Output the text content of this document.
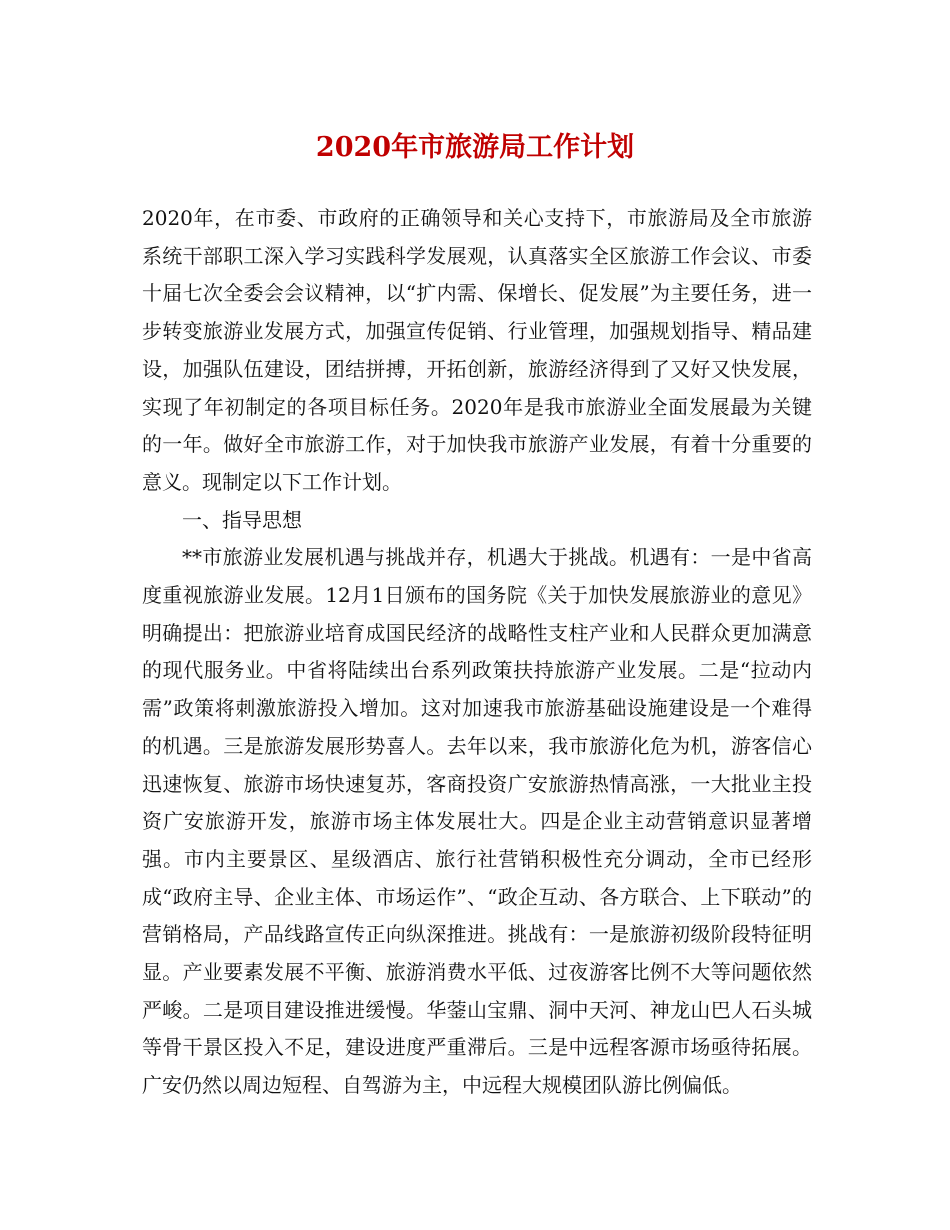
2020年市旅游局工作计划

2020年，在市委、市政府的正确领导和关心支持下，市旅游局及全市旅游系统干部职工深入学习实践科学发展观，认真落实全区旅游工作会议、市委十届七次全委会会议精神，以“扩内需、保增长、促发展”为主要任务，进一步转变旅游业发展方式，加强宣传促销、行业管理，加强规划指导、精品建设，加强队伍建设，团结拼搏，开拓创新，旅游经济得到了又好又快发展，实现了年初制定的各项目标任务。2020年是我市旅游业全面发展最为关键的一年。做好全市旅游工作，对于加快我市旅游产业发展，有着十分重要的意义。现制定以下工作计划。

一、指导思想

**市旅游业发展机遇与挑战并存，机遇大于挑战。机遇有：一是中省高度重视旅游业发展。12月1日颁布的国务院《关于加快发展旅游业的意见》明确提出：把旅游业培育成国民经济的战略性支柱产业和人民群众更加满意的现代服务业。中省将陆续出台系列政策扶持旅游产业发展。二是“拉动内需”政策将刺激旅游投入增加。这对加速我市旅游基础设施建设是一个难得的机遇。三是旅游发展形势喜人。去年以来，我市旅游化危为机，游客信心迅速恢复、旅游市场快速复苏，客商投资广安旅游热情高涨，一大批业主投资广安旅游开发，旅游市场主体发展壮大。四是企业主动营销意识显著增强。市内主要景区、星级酒店、旅行社营销积极性充分调动，全市已经形成“政府主导、企业主体、市场运作”、“政企互动、各方联合、上下联动”的营销格局，产品线路宣传正向纵深推进。挑战有：一是旅游初级阶段特征明显。产业要素发展不平衡、旅游消费水平低、过夜游客比例不大等问题依然严峻。二是项目建设推进缓慢。华蓥山宝鼎、洞中天河、神龙山巴人石头城等骨干景区投入不足，建设进度严重滞后。三是中远程客源市场亟待拓展。广安仍然以周边短程、自驾游为主，中远程大规模团队游比例偏低。
